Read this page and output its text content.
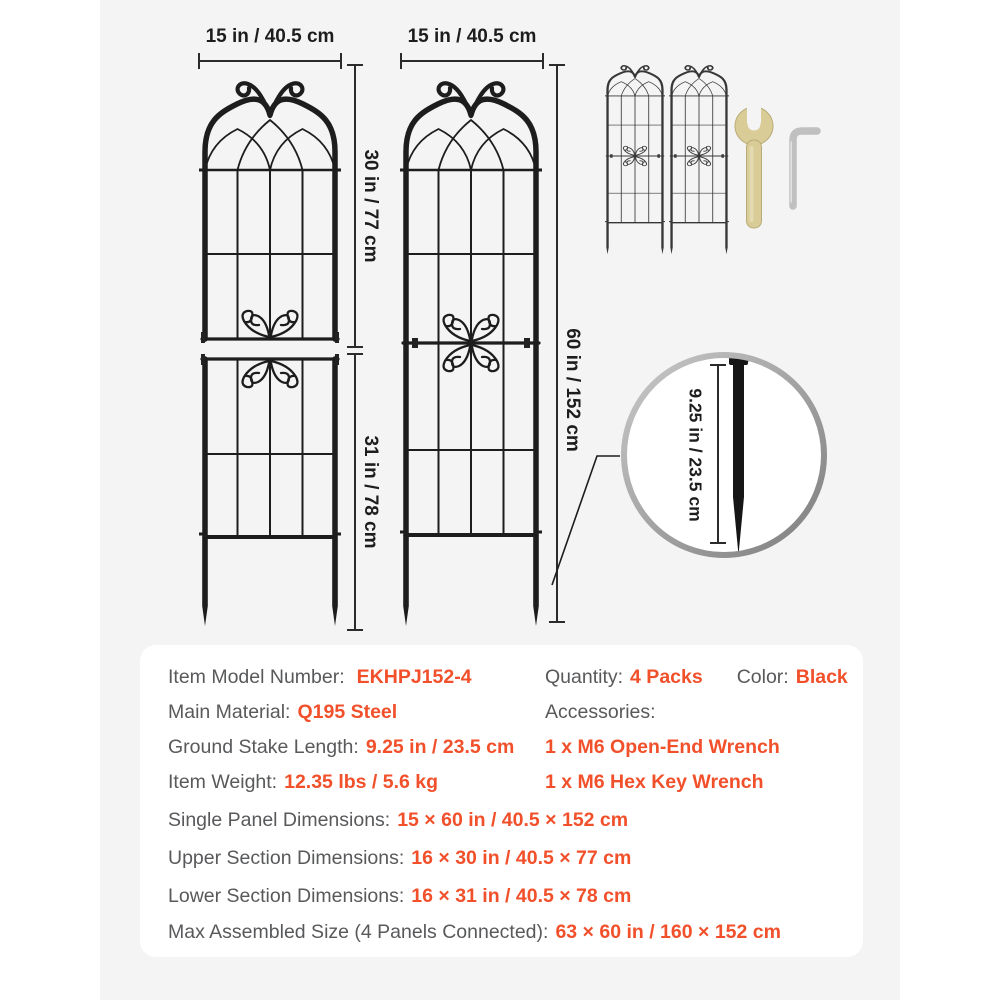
15 in / 40.5 cm	15 in / 40.5 cm
30 in / 77 cm
31 in / 78 cm
60 in / 152 cm	9.25 in / 23.5 cm
Item Model Number: EKHPJ152-4
Main Material: Q195 Steel
Ground Stake Length: 9.25 in / 23.5 cm
Item Weight: 12.35 lbs / 5.6 kg
Quantity: 4 Packs Color: Black
Accessories:
1 x M6 Open-End Wrench
1 x M6 Hex Key Wrench
Single Panel Dimensions: 15 × 60 in / 40.5 × 152 cm
Upper Section Dimensions: 16 × 30 in / 40.5 × 77 cm
Lower Section Dimensions: 16 × 31 in / 40.5 × 78 cm
Max Assembled Size (4 Panels Connected): 63 × 60 in / 160 × 152 cm
